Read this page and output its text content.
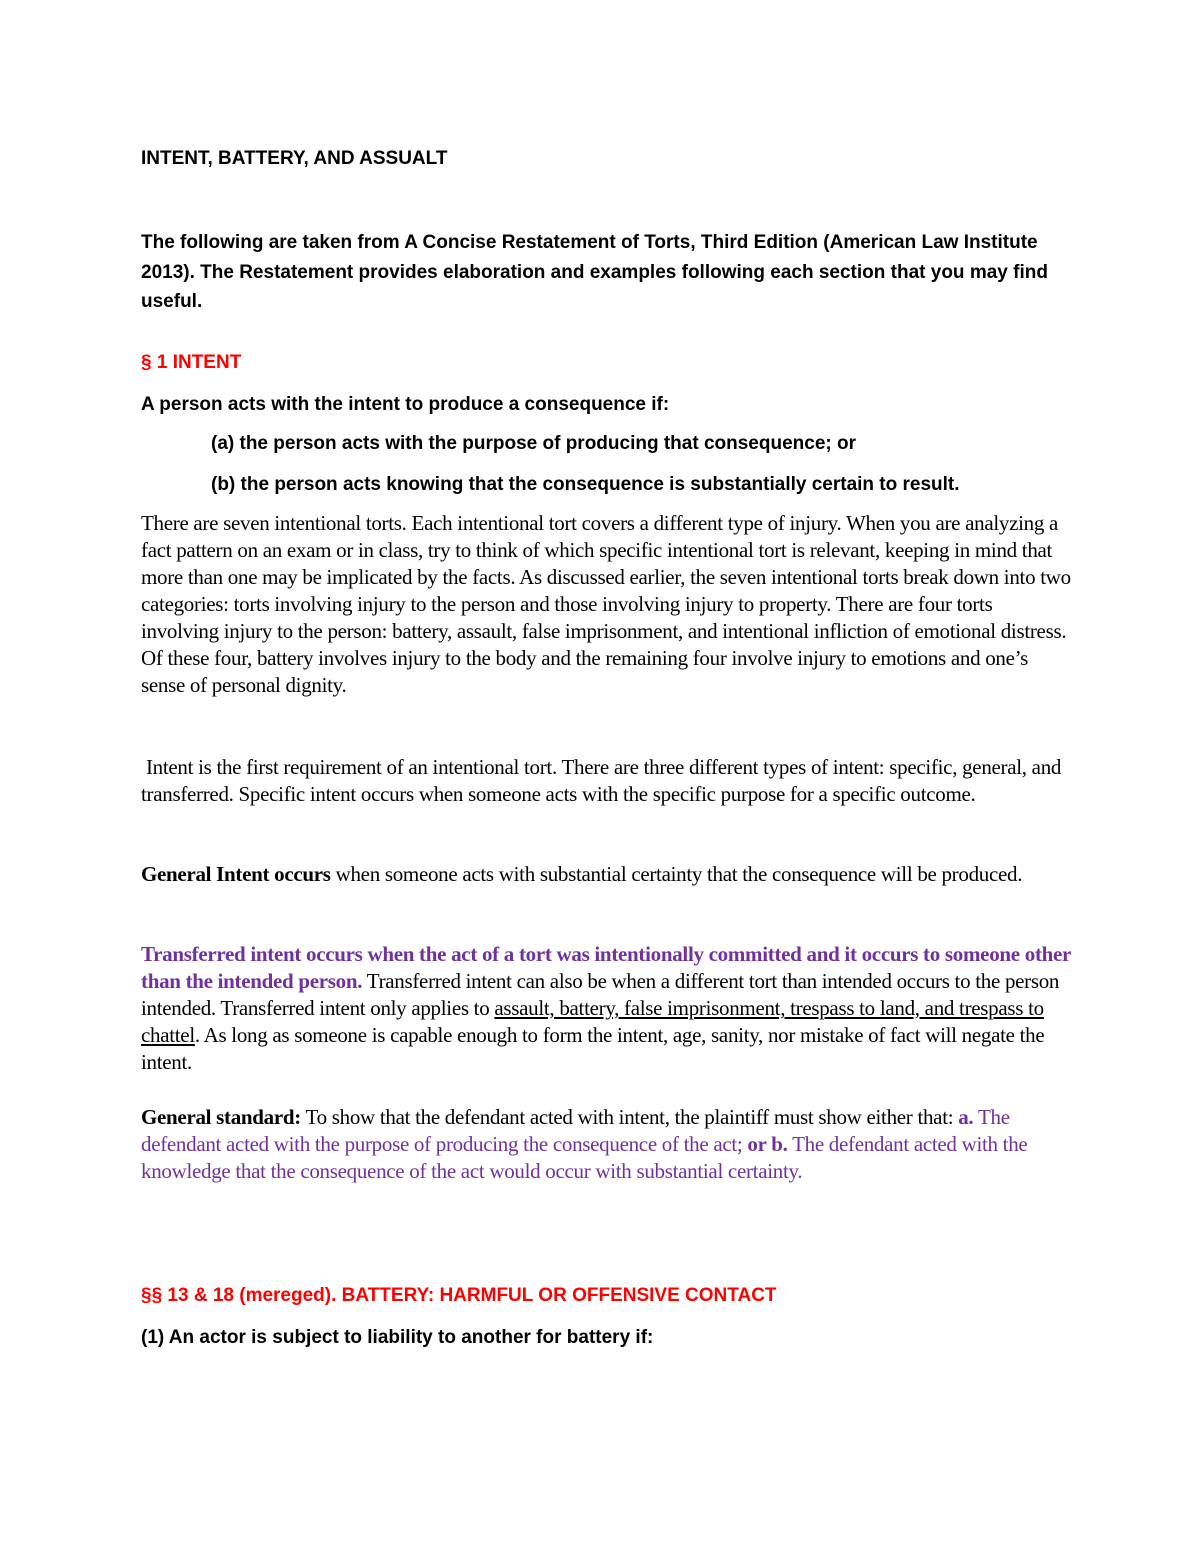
INTENT, BATTERY, AND ASSUALT

The following are taken from A Concise Restatement of Torts, Third Edition (American Law Institute 2013). The Restatement provides elaboration and examples following each section that you may find useful.

§ 1 INTENT

A person acts with the intent to produce a consequence if:

(a) the person acts with the purpose of producing that consequence; or

(b) the person acts knowing that the consequence is substantially certain to result.

There are seven intentional torts. Each intentional tort covers a different type of injury. When you are analyzing a fact pattern on an exam or in class, try to think of which specific intentional tort is relevant, keeping in mind that more than one may be implicated by the facts. As discussed earlier, the seven intentional torts break down into two categories: torts involving injury to the person and those involving injury to property. There are four torts involving injury to the person: battery, assault, false imprisonment, and intentional infliction of emotional distress. Of these four, battery involves injury to the body and the remaining four involve injury to emotions and one’s sense of personal dignity.

Intent is the first requirement of an intentional tort. There are three different types of intent: specific, general, and transferred. Specific intent occurs when someone acts with the specific purpose for a specific outcome.

General Intent occurs when someone acts with substantial certainty that the consequence will be produced.

Transferred intent occurs when the act of a tort was intentionally committed and it occurs to someone other than the intended person. Transferred intent can also be when a different tort than intended occurs to the person intended. Transferred intent only applies to assault, battery, false imprisonment, trespass to land, and trespass to chattel. As long as someone is capable enough to form the intent, age, sanity, nor mistake of fact will negate the intent.

General standard: To show that the defendant acted with intent, the plaintiff must show either that: a. The defendant acted with the purpose of producing the consequence of the act; or b. The defendant acted with the knowledge that the consequence of the act would occur with substantial certainty.

§§ 13 & 18 (mereged). BATTERY: HARMFUL OR OFFENSIVE CONTACT

(1) An actor is subject to liability to another for battery if:
